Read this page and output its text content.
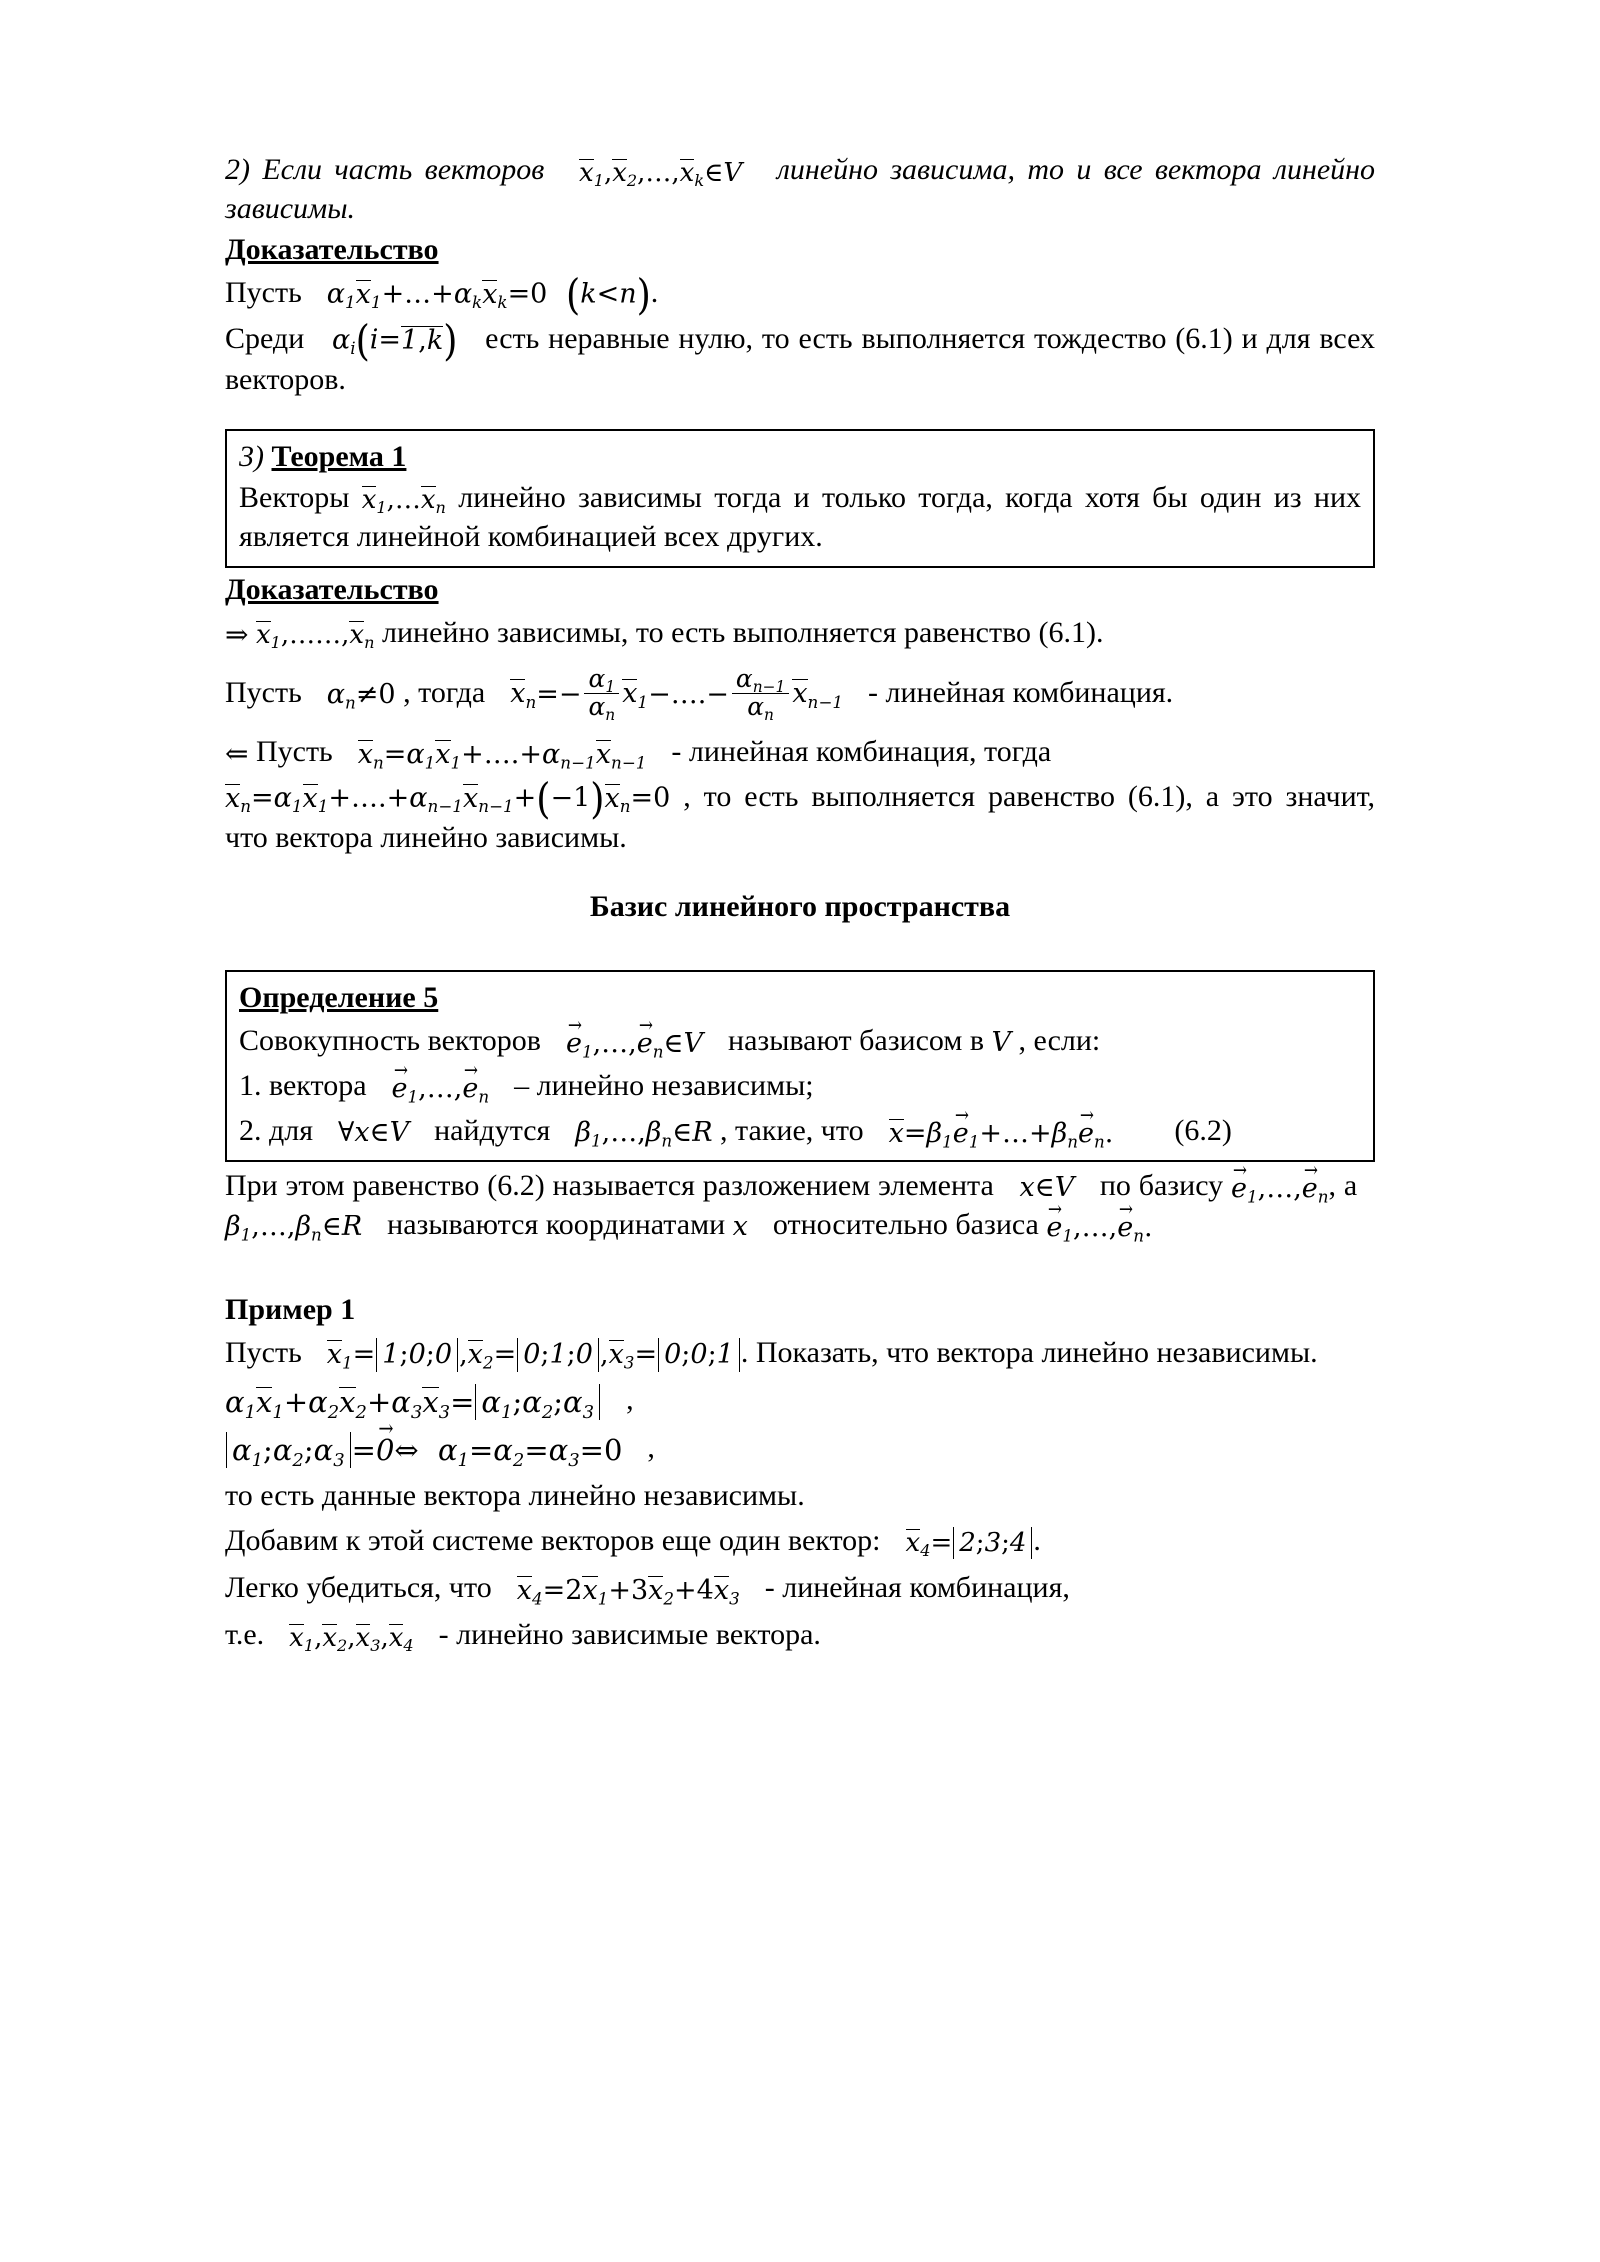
2) Если часть векторов $x_1,x_2,\dots,x_k\in V$ линейно зависима, то и все вектора линейно зависимы.

Доказательство

Пусть  $\alpha_1x_1+\dots+\alpha_kx_k=0$ (k<n).

Среди  $\alpha_i(i=1,k)$ есть неравные нулю, то есть выполняется тождество (6.1) и для всех векторов.

3) Теорема 1

Векторы $x_1,\dots x_n$ линейно зависимы тогда и только тогда, когда хотя бы один из них является линейной комбинацией всех других.

Доказательство

⇒ $x_1,\dots\dots,x_n$ линейно зависимы, то есть выполняется равенство (6.1).

Пусть  $\alpha_n\ne 0$ , тогда $x_n=- \frac{\alpha_1}{\alpha_n}$ $x_1-\dots.- \frac{\alpha_{n-1}}{\alpha_n} x_{n-1}$ - линейная комбинация.

⇐ Пусть $x_n=\alpha_1x_1+\dots.+\alpha_{n-1}x_{n-1}$ - линейная комбинация, тогда

$x_n=\alpha_1x_1+\dots.+\alpha_{n-1}x_{n-1}+(-1)x_n=0$ , то есть выполняется равенство (6.1), а это значит, что вектора линейно зависимы.

Базис линейного пространства

Определение 5

Совокупность векторов → $e_1,\dots,\to$ $e_n\in V$  называют базисом в V , если:

1. вектора → $e_1,\dots,\to e_n$ – линейно независимы;

2. для ∀x∈V  найдутся  $\beta_1,\dots,\beta_n\in R$ , такие, что $x=\beta_1\to$ $e_1+\dots+\beta_n\to e_n$. (6.2)

При этом равенство (6.2) называется разложением элемента x∈V по базису → $e_1,\dots,\to e_n$, а  $\beta_1,\dots,\beta_n\in R$  называются координатами x относительно базиса → $e_1,\dots,\to e_n$.

Пример 1

Пусть $x_1=$ 1;0;0 $,x_2=$ 0;1;0 $,x_3=$ 0;0;1 . Показать, что вектора линейно независимы.

$\alpha_1x_1+\alpha_2x_2+\alpha_3x_3=$ $\alpha_1;\alpha_2;\alpha_3$ ,

$\alpha_1;\alpha_2;\alpha_3$ =→ 0⇔ $\alpha_1=\alpha_2=\alpha_3=0$ ,

то есть данные вектора линейно независимы.

Добавим к этой системе векторов еще один вектор: $x_4=$ 2;3;4 .

Легко убедиться, что $x_4=2x_1+3x_2+4x_3$ - линейная комбинация,

т.е. $x_1,x_2,x_3,x_4$ - линейно зависимые вектора.
